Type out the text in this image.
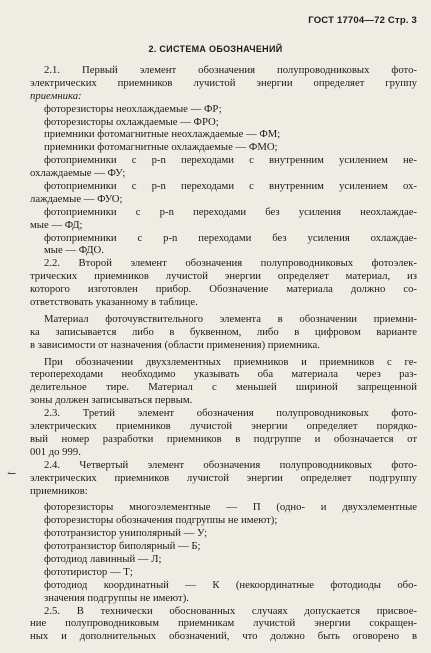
ГОСТ 17704—72 Стр. 3
2. СИСТЕМА ОБОЗНАЧЕНИЙ
↼
2.1. Первый элемент обозначения полупроводниковых фото-
электрических приемников лучистой энергии определяет группу
приемника:
фоторезисторы неохлаждаемые — ФР;
фоторезисторы охлаждаемые — ФРО;
приемники фотомагнитные неохлаждаемые — ФМ;
приемники фотомагнитные охлаждаемые — ФМО;
фотоприемники с p-n переходами с внутренним усилением не-
охлаждаемые — ФУ;
фотоприемники с p-n переходами с внутренним усилением ох-
лаждаемые — ФУО;
фотоприемники с p-n переходами без усиления неохлаждае-
мые — ФД;
фотоприемники с p-n переходами без усиления охлаждае-
мые — ФДО.
2.2. Второй элемент обозначения полупроводниковых фотоэлек-
трических приемников лучистой энергии определяет материал, из
которого изготовлен прибор. Обозначение материала должно со-
ответствовать указанному в таблице.
Материал фоточувствительного элемента в обозначении приемни-
ка записывается либо в буквенном, либо в цифровом варианте
в зависимости от назначения (области применения) приемника.
При обозначении двухзлементных приемников и приемников с ге-
теропереходами необходимо указывать оба материала через раз-
делительное тире. Материал с меньшей шириной запрещенной
зоны должен записываться первым.
2.3. Третий элемент обозначения полупроводниковых фото-
электрических приемников лучистой энергии определяет порядко-
вый номер разработки приемников в подгруппе и обозначается от
001 до 999.
2.4. Четвертый элемент обозначения полупроводниковых фото-
электрических приемников лучистой энергии определяет подгруппу
приемников:
фоторезисторы многоэлементные — П (одно- и двухэлементные
фоторезисторы обозначения подгруппы не имеют);
фототранзистор униполярный — У;
фототранзистор биполярный — Б;
фотодиод лавинный — Л;
фототиристор — Т;
фотодиод координатный — К (некоординатные фотодиоды обо-
значения подгруппы не имеют).
2.5. В технически обоснованных случаях допускается присвое-
ние полупроводниковым приемникам лучистой энергии сокращен-
ных и дополнительных обозначений, что должно быть оговорено в
